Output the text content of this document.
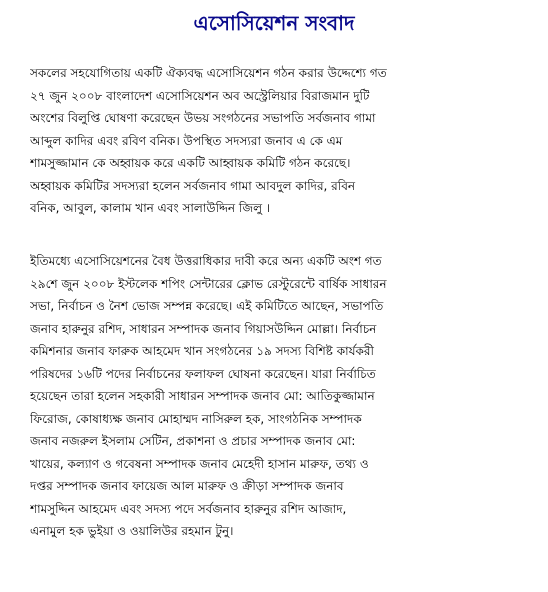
এসোসিয়েশন সংবাদ

সকলের সহযোগিতায় একটি ঐক্যবদ্ধ এসোসিয়েশন গঠন করার উদ্দেশ্যে গত
২৭ জুন ২০০৮ বাংলাদেশ এসোসিয়েশন অব অস্ট্রেলিয়ার বিরাজমান দুটি
অংশের বিলুপ্তি ঘোষণা করেছেন উভয় সংগঠনের সভাপতি সর্বজনাব গামা
আব্দুল কাদির এবং রবিণ বনিক। উপস্থিত সদস্যরা জনাব এ কে এম
শামসুজ্জামান কে অহ্বায়ক করে একটি আহ্বায়ক কমিটি গঠন করেছে।
অহ্বায়ক কমিটির সদস্যরা হলেন সর্বজনাব গামা আবদুল কাদির, রবিন
বনিক, আবুল, কালাম খান এবং সালাউদ্দিন জিলু ।

ইতিমধ্যে এসোসিয়েশনের বৈধ উত্তরাধিকার দাবী করে অন্য একটি অংশ গত
২৯শে জুন ২০০৮ ইস্টলেক শপিং সেন্টারের ক্লোভ রেস্টুরেন্টে বার্ষিক সাধারন
সভা, নির্বাচন ও নৈশ ভোজ সম্পন্ন করেছে। এই কমিটিতে আছেন, সভাপতি
জনাব হারুনুর রশিদ, সাধারন সম্পাদক জনাব গিয়াসউদ্দিন মোল্লা। নির্বাচন
কমিশনার জনাব ফারুক আহমেদ খান সংগঠনের ১৯ সদস্য বিশিষ্ট কার্যকরী
পরিষদের ১৬টি পদের নির্বাচনের ফলাফল ঘোষনা করেছেন। যারা নির্বাচিত
হয়েছেন তারা হলেন সহকারী সাধারন সম্পাদক জনাব মো: আতিকুজ্জামান
ফিরোজ, কোষাধ্যক্ষ জনাব মোহাম্মদ নাসিরুল হক, সাংগঠনিক সম্পাদক
জনাব নজরুল ইসলাম সেটিন, প্রকাশনা ও প্রচার সম্পাদক জনাব মো:
খায়ের, কল্যাণ ও গবেষনা সম্পাদক জনাব মেহেদী হাসান মারুফ, তথ্য ও
দপ্তর সম্পাদক জনাব ফায়েজ আল মারুফ ও ক্রীড়া সম্পাদক জনাব
শামসুদ্দিন আহমেদ এবং সদস্য পদে সর্বজনাব হারুনুর রশিদ আজাদ,
এনামুল হক ভুইয়া ও ওয়ালিউর রহমান টুনু।
